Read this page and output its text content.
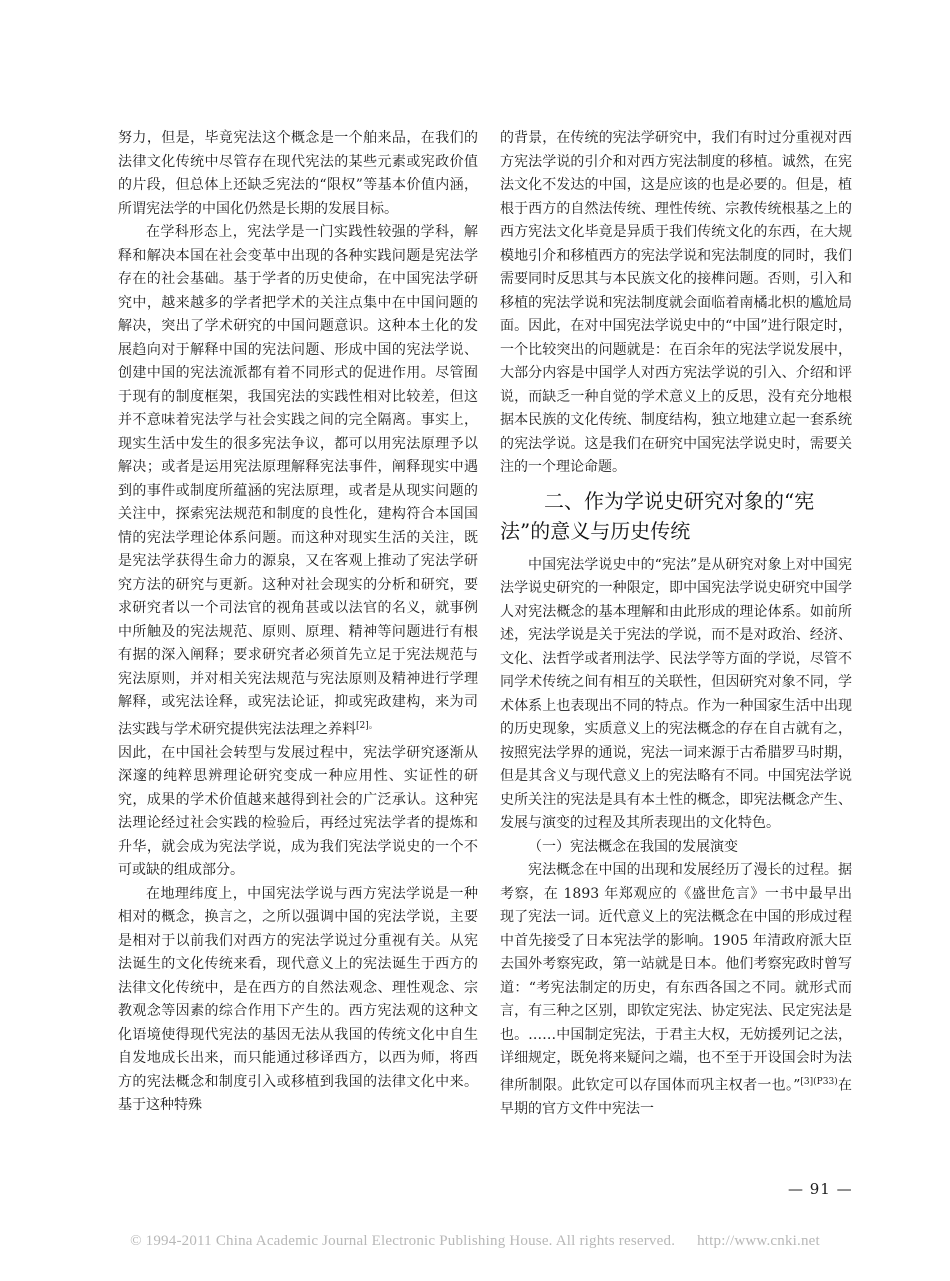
努力，但是，毕竟宪法这个概念是一个舶来品，在我们的法律文化传统中尽管存在现代宪法的某些元素或宪政价值的片段，但总体上还缺乏宪法的“限权”等基本价值内涵，所谓宪法学的中国化仍然是长期的发展目标。

在学科形态上，宪法学是一门实践性较强的学科，解释和解决本国在社会变革中出现的各种实践问题是宪法学存在的社会基础。基于学者的历史使命，在中国宪法学研究中，越来越多的学者把学术的关注点集中在中国问题的解决，突出了学术研究的中国问题意识。这种本土化的发展趋向对于解释中国的宪法问题、形成中国的宪法学说、创建中国的宪法流派都有着不同形式的促进作用。尽管囿于现有的制度框架，我国宪法的实践性相对比较差，但这并不意味着宪法学与社会实践之间的完全隔离。事实上，现实生活中发生的很多宪法争议，都可以用宪法原理予以解决；或者是运用宪法原理解释宪法事件，阐释现实中遇到的事件或制度所蕴涵的宪法原理，或者是从现实问题的关注中，探索宪法规范和制度的良性化，建构符合本国国情的宪法学理论体系问题。而这种对现实生活的关注，既是宪法学获得生命力的源泉，又在客观上推动了宪法学研究方法的研究与更新。这种对社会现实的分析和研究，要求研究者以一个司法官的视角甚或以法官的名义，就事例中所触及的宪法规范、原则、原理、精神等问题进行有根有据的深入阐释；要求研究者必须首先立足于宪法规范与宪法原则，并对相关宪法规范与宪法原则及精神进行学理解释，或宪法诠释，或宪法论证，抑或宪政建构，来为司法实践与学术研究提供宪法法理之养料$^{[2]。}$

因此，在中国社会转型与发展过程中，宪法学研究逐渐从深邃的纯粹思辨理论研究变成一种应用性、实证性的研究，成果的学术价值越来越得到社会的广泛承认。这种宪法理论经过社会实践的检验后，再经过宪法学者的提炼和升华，就会成为宪法学说，成为我们宪法学说史的一个不可或缺的组成部分。

在地理纬度上，中国宪法学说与西方宪法学说是一种相对的概念，换言之，之所以强调中国的宪法学说，主要是相对于以前我们对西方的宪法学说过分重视有关。从宪法诞生的文化传统来看，现代意义上的宪法诞生于西方的法律文化传统中，是在西方的自然法观念、理性观念、宗教观念等因素的综合作用下产生的。西方宪法观的这种文化语境使得现代宪法的基因无法从我国的传统文化中自生自发地成长出来，而只能通过移译西方，以西为师，将西方的宪法概念和制度引入或移植到我国的法律文化中来。基于这种特殊

的背景，在传统的宪法学研究中，我们有时过分重视对西方宪法学说的引介和对西方宪法制度的移植。诚然，在宪法文化不发达的中国，这是应该的也是必要的。但是，植根于西方的自然法传统、理性传统、宗教传统根基之上的西方宪法文化毕竟是异质于我们传统文化的东西，在大规模地引介和移植西方的宪法学说和宪法制度的同时，我们需要同时反思其与本民族文化的接榫问题。否则，引入和移植的宪法学说和宪法制度就会面临着南橘北枳的尴尬局面。因此，在对中国宪法学说史中的“中国”进行限定时，一个比较突出的问题就是：在百余年的宪法学说发展中，大部分内容是中国学人对西方宪法学说的引入、介绍和评说，而缺乏一种自觉的学术意义上的反思，没有充分地根据本民族的文化传统、制度结构，独立地建立起一套系统的宪法学说。这是我们在研究中国宪法学说史时，需要关注的一个理论命题。

二、作为学说史研究对象的“宪法”的意义与历史传统

中国宪法学说史中的“宪法”是从研究对象上对中国宪法学说史研究的一种限定，即中国宪法学说史研究中国学人对宪法概念的基本理解和由此形成的理论体系。如前所述，宪法学说是关于宪法的学说，而不是对政治、经济、文化、法哲学或者刑法学、民法学等方面的学说，尽管不同学术传统之间有相互的关联性，但因研究对象不同，学术体系上也表现出不同的特点。作为一种国家生活中出现的历史现象，实质意义上的宪法概念的存在自古就有之，按照宪法学界的通说，宪法一词来源于古希腊罗马时期，但是其含义与现代意义上的宪法略有不同。中国宪法学说史所关注的宪法是具有本土性的概念，即宪法概念产生、发展与演变的过程及其所表现出的文化特色。

（一）宪法概念在我国的发展演变

宪法概念在中国的出现和发展经历了漫长的过程。据考察，在 1893 年郑观应的《盛世危言》一书中最早出现了宪法一词。近代意义上的宪法概念在中国的形成过程中首先接受了日本宪法学的影响。1905 年清政府派大臣去国外考察宪政，第一站就是日本。他们考察宪政时曾写道：“考宪法制定的历史，有东西各国之不同。就形式而言，有三种之区别，即钦定宪法、协定宪法、民定宪法是也。……中国制定宪法，于君主大权，无妨援列记之法，详细规定，既免将来疑问之端，也不至于开设国会时为法律所制限。此钦定可以存国体而巩主权者一也。”$^{[3](P33)}$在早期的官方文件中宪法一

— 91 —
© 1994-2011 China Academic Journal Electronic Publishing House. All rights reserved. http://www.cnki.net
